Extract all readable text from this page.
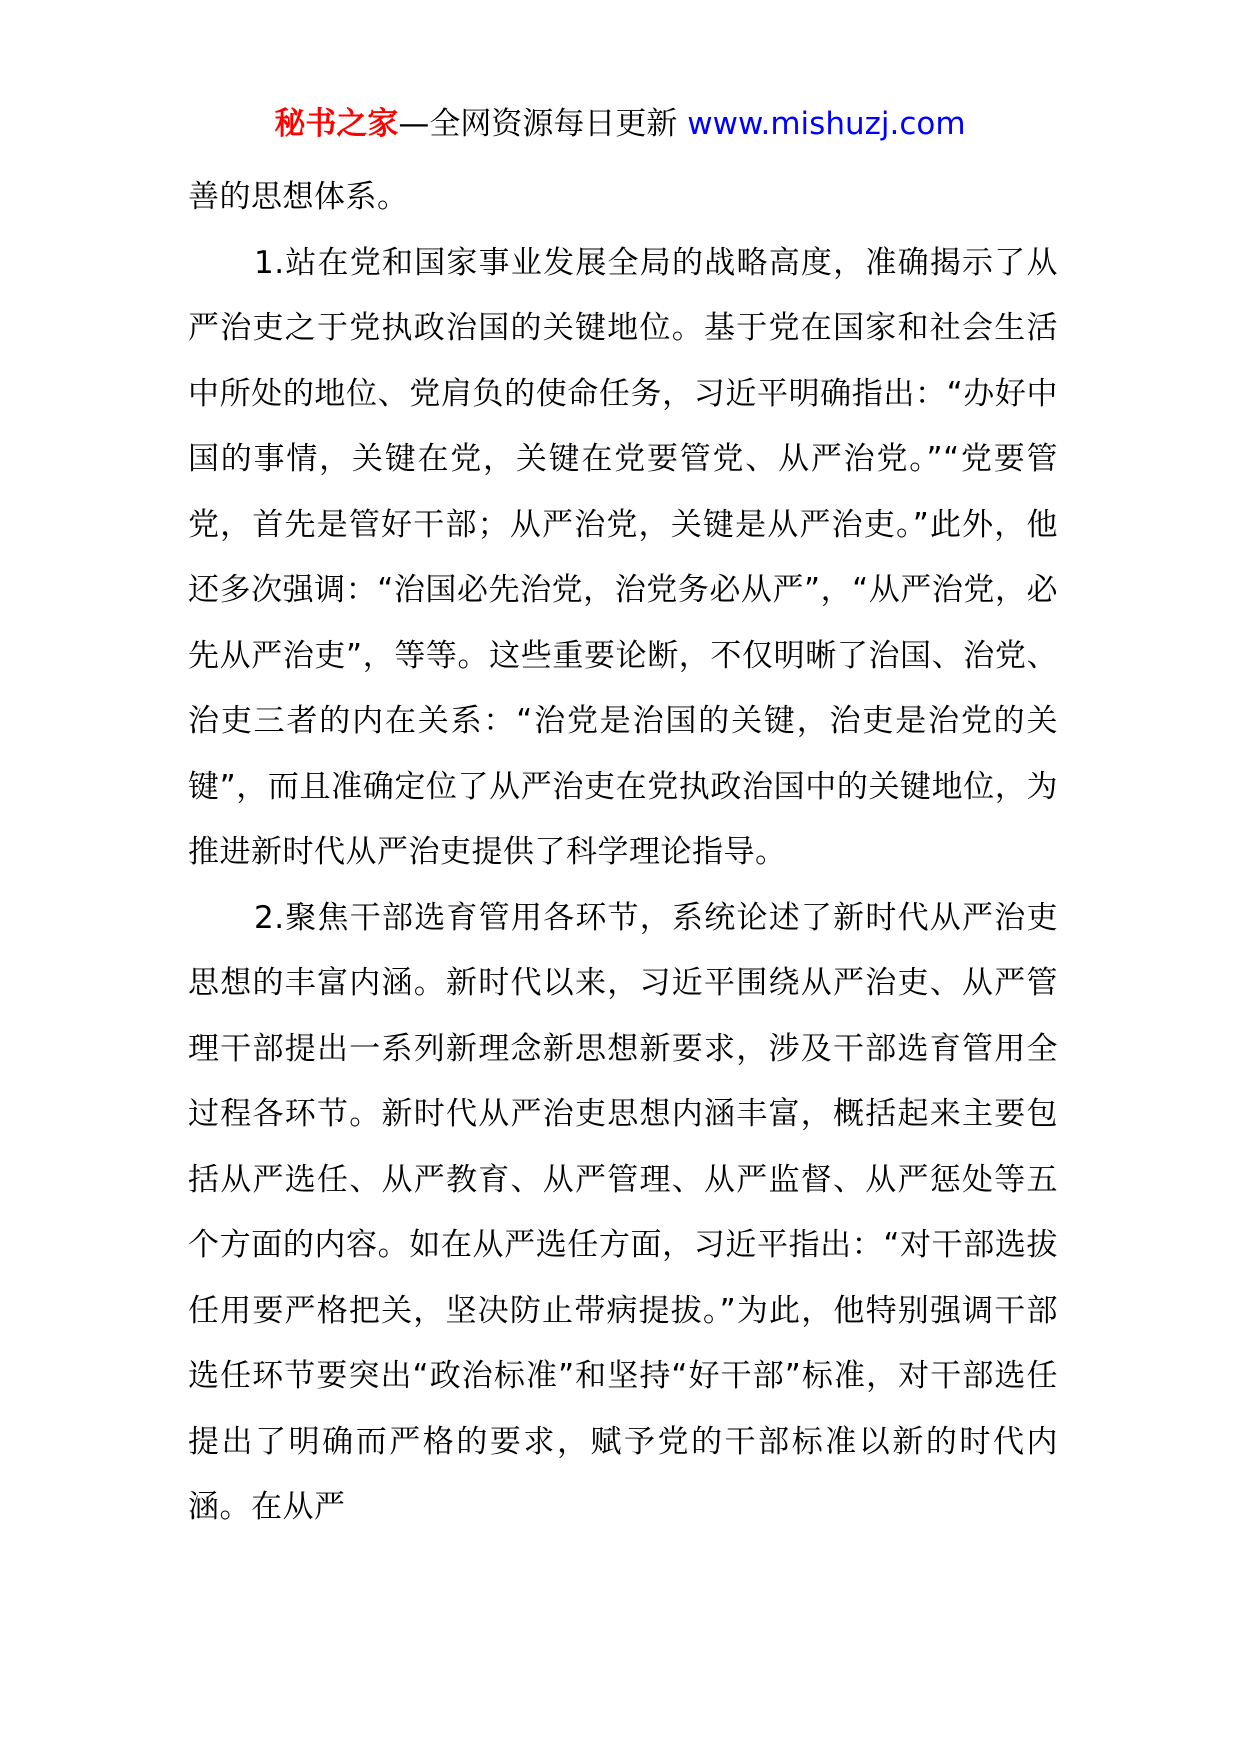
秘书之家—全网资源每日更新 www.mishuzj.com

善的思想体系。

1.站在党和国家事业发展全局的战略高度，准确揭示了从严治吏之于党执政治国的关键地位。基于党在国家和社会生活中所处的地位、党肩负的使命任务，习近平明确指出：“办好中国的事情，关键在党，关键在党要管党、从严治党。”“党要管党，首先是管好干部；从严治党，关键是从严治吏。”此外，他还多次强调：“治国必先治党，治党务必从严”，“从严治党，必先从严治吏”，等等。这些重要论断，不仅明晰了治国、治党、治吏三者的内在关系：“治党是治国的关键，治吏是治党的关键”，而且准确定位了从严治吏在党执政治国中的关键地位，为推进新时代从严治吏提供了科学理论指导。

2.聚焦干部选育管用各环节，系统论述了新时代从严治吏思想的丰富内涵。新时代以来，习近平围绕从严治吏、从严管理干部提出一系列新理念新思想新要求，涉及干部选育管用全过程各环节。新时代从严治吏思想内涵丰富，概括起来主要包括从严选任、从严教育、从严管理、从严监督、从严惩处等五个方面的内容。如在从严选任方面，习近平指出：“对干部选拔任用要严格把关，坚决防止带病提拔。”为此，他特别强调干部选任环节要突出“政治标准”和坚持“好干部”标准，对干部选任提出了明确而严格的要求，赋予党的干部标准以新的时代内涵。在从严
